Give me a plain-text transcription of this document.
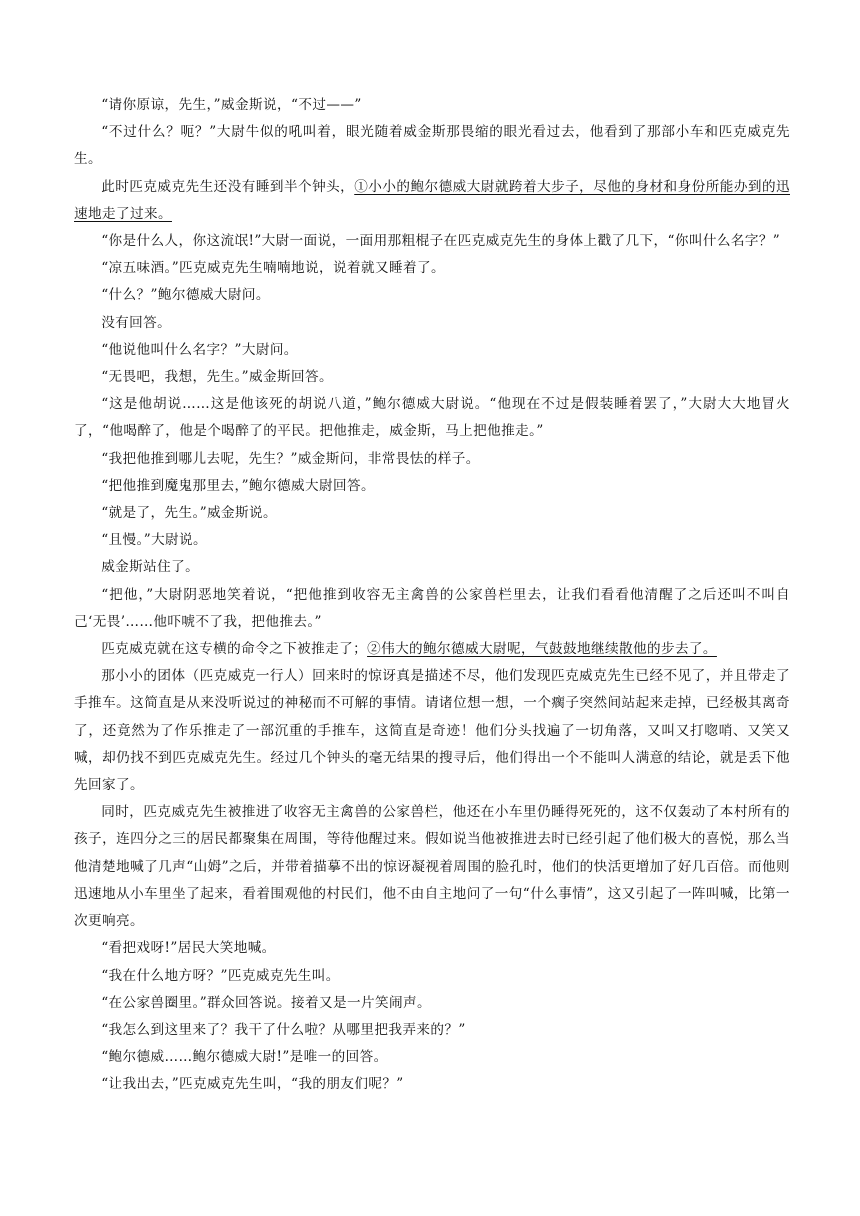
“请你原谅，先生，”威金斯说，“不过——”

“不过什么？呃？”大尉牛似的吼叫着，眼光随着威金斯那畏缩的眼光看过去，他看到了那部小车和匹克威克先生。

此时匹克威克先生还没有睡到半个钟头，①小小的鲍尔德威大尉就跨着大步子，尽他的身材和身份所能办到的迅速地走了过来。

“你是什么人，你这流氓!”大尉一面说，一面用那粗棍子在匹克威克先生的身体上戳了几下，“你叫什么名字？”

“凉五味酒。”匹克威克先生喃喃地说，说着就又睡着了。

“什么？”鲍尔德威大尉问。

没有回答。

“他说他叫什么名字？”大尉问。

“无畏吧，我想，先生。”威金斯回答。

“这是他胡说……这是他该死的胡说八道，”鲍尔德威大尉说。“他现在不过是假装睡着罢了，”大尉大大地冒火了，“他喝醉了，他是个喝醉了的平民。把他推走，威金斯，马上把他推走。”

“我把他推到哪儿去呢，先生？”威金斯问，非常畏怯的样子。

“把他推到魔鬼那里去，”鲍尔德威大尉回答。

“就是了，先生。”威金斯说。

“且慢。”大尉说。

威金斯站住了。

“把他，”大尉阴恶地笑着说，“把他推到收容无主禽兽的公家兽栏里去，让我们看看他清醒了之后还叫不叫自己‘无畏’……他吓唬不了我，把他推去。”

匹克威克就在这专横的命令之下被推走了；②伟大的鲍尔德威大尉呢，气鼓鼓地继续散他的步去了。

那小小的团体（匹克威克一行人）回来时的惊讶真是描述不尽，他们发现匹克威克先生已经不见了，并且带走了手推车。这简直是从来没听说过的神秘而不可解的事情。请诸位想一想，一个瘸子突然间站起来走掉，已经极其离奇了，还竟然为了作乐推走了一部沉重的手推车，这简直是奇迹！他们分头找遍了一切角落，又叫又打唿哨、又笑又喊，却仍找不到匹克威克先生。经过几个钟头的毫无结果的搜寻后，他们得出一个不能叫人满意的结论，就是丢下他先回家了。

同时，匹克威克先生被推进了收容无主禽兽的公家兽栏，他还在小车里仍睡得死死的，这不仅轰动了本村所有的孩子，连四分之三的居民都聚集在周围，等待他醒过来。假如说当他被推进去时已经引起了他们极大的喜悦，那么当他清楚地喊了几声“山姆”之后，并带着描摹不出的惊讶凝视着周围的脸孔时，他们的快活更增加了好几百倍。而他则迅速地从小车里坐了起来，看着围观他的村民们，他不由自主地问了一句“什么事情”，这又引起了一阵叫喊，比第一次更响亮。

“看把戏呀!”居民大笑地喊。

“我在什么地方呀？”匹克威克先生叫。

“在公家兽圈里。”群众回答说。接着又是一片笑闹声。

“我怎么到这里来了？我干了什么啦？从哪里把我弄来的？”

“鲍尔德威……鲍尔德威大尉!”是唯一的回答。

“让我出去，”匹克威克先生叫，“我的朋友们呢？”
